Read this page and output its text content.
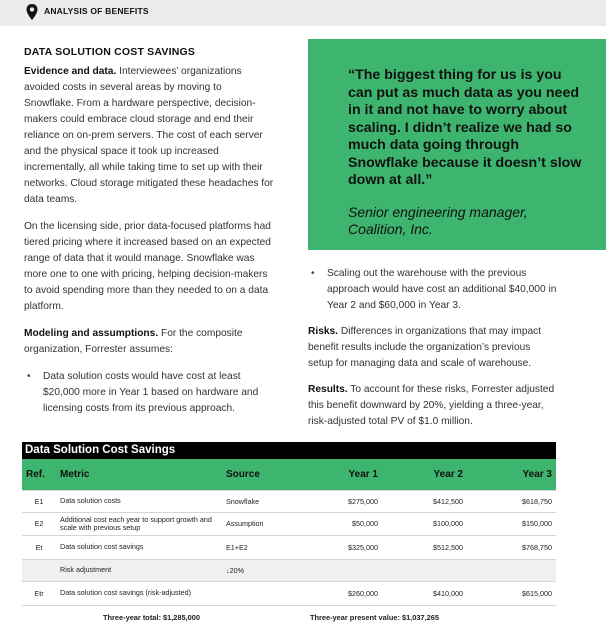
ANALYSIS OF BENEFITS
DATA SOLUTION COST SAVINGS

Evidence and data. Interviewees’ organizations avoided costs in several areas by moving to Snowflake. From a hardware perspective, decision-makers could embrace cloud storage and end their reliance on on-prem servers. The cost of each server and the physical space it took up increased incrementally, all while taking time to set up with their networks. Cloud storage mitigated these headaches for data teams.

On the licensing side, prior data-focused platforms had tiered pricing where it increased based on an expected range of data that it would manage. Snowflake was more one to one with pricing, helping decision-makers to avoid spending more than they needed to on a data platform.

Modeling and assumptions. For the composite organization, Forrester assumes:

• Data solution costs would have cost at least $20,000 more in Year 1 based on hardware and licensing costs from its previous approach.

“The biggest thing for us is you can put as much data as you need in it and not have to worry about scaling. I didn’t realize we had so much data going through Snowflake because it doesn’t slow down at all.”
Senior engineering manager, Coalition, Inc.

• Scaling out the warehouse with the previous approach would have cost an additional $40,000 in Year 2 and $60,000 in Year 3.

Risks. Differences in organizations that may impact benefit results include the organization’s previous setup for managing data and scale of warehouse.

Results. To account for these risks, Forrester adjusted this benefit downward by 20%, yielding a three-year, risk-adjusted total PV of $1.0 million.

Data Solution Cost Savings
Ref.	Metric	Source	Year 1	Year 2	Year 3
E1	Data solution costs	Snowflake	$275,000	$412,500	$618,750
E2	Additional cost each year to support growth and scale with previous setup	Assumption	$50,000	$100,000	$150,000
Et	Data solution cost savings	E1+E2	$325,000	$512,500	$768,750
	Risk adjustment	↓20%			
Etr	Data solution cost savings (risk-adjusted)		$260,000	$410,000	$615,000
Three-year total: $1,285,000	Three-year present value: $1,037,265
